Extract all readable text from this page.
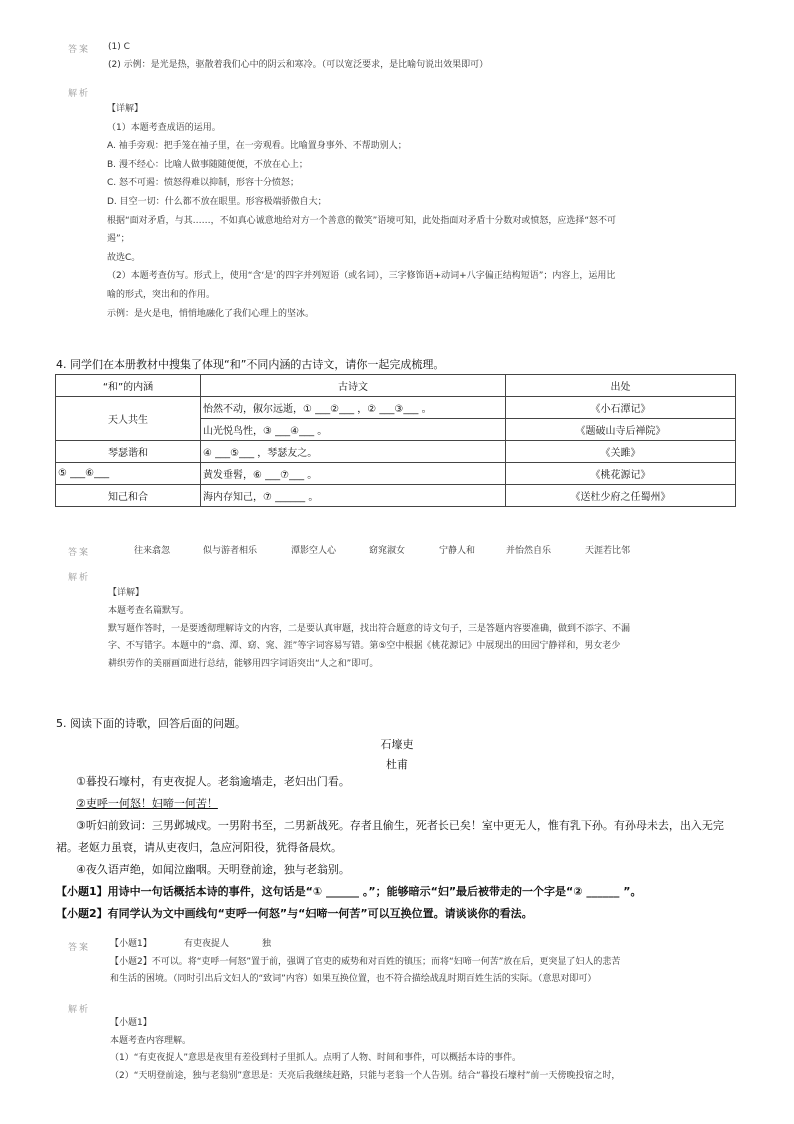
答案 (1) C
(2) 示例：是光是热，驱散着我们心中的阴云和寒冷。（可以宽泛要求，是比喻句说出效果即可）
解析
【详解】
（1）本题考查成语的运用。
A. 袖手旁观：把手笼在袖子里，在一旁观看。比喻置身事外、不帮助别人；
B. 漫不经心：比喻人做事随随便便，不放在心上；
C. 怒不可遏：愤怒得难以抑制，形容十分愤怒；
D. 目空一切：什么都不放在眼里。形容极端骄傲自大；
根据“面对矛盾，与其……，不如真心诚意地给对方一个善意的微笑”语境可知，此处指面对矛盾十分数对或愤怒，应选择“怒不可
遏”；
故选C。
（2）本题考查仿写。形式上，使用“含‘是’的四字并列短语（或名词），三字修饰语+动词+八字偏正结构短语”；内容上，运用比
喻的形式，突出和的作用。
示例：是火是电，悄悄地融化了我们心理上的坚冰。
4. 同学们在本册教材中搜集了体现“和”不同内涵的古诗文，请你一起完成梳理。
“和”的内涵	古诗文	出处
天人共生	怡然不动，俶尔远逝，① ___②___ ，② ___③___ 。	《小石潭记》
	山光悦鸟性，③ ___④___ 。	《题破山寺后禅院》
琴瑟谐和	④ ___⑤___ ，琴瑟友之。	《关雎》
⑤ ___⑥___	黄发垂髫，⑥ ___⑦___ 。	《桃花源记》
知己和合	海内存知己，⑦ ______ 。	《送杜少府之任蜀州》
答案	往来翕忽	似与游者相乐	潭影空人心	窈窕淑女	宁静人和	并怡然自乐	天涯若比邻
解析
【详解】
本题考查名篇默写。
默写题作答时，一是要透彻理解诗文的内容，二是要认真审题，找出符合题意的诗文句子，三是答题内容要准确，做到不添字、不漏
字、不写错字。本题中的“翕、潭、窈、窕、涯”等字词容易写错。第⑤空中根据《桃花源记》中展现出的田园宁静祥和，男女老少
耕织劳作的美丽画面进行总结，能够用四字词语突出“人之和”即可。
5. 阅读下面的诗歌，回答后面的问题。
石壕吏
杜甫
①暮投石壕村，有吏夜捉人。老翁逾墙走，老妇出门看。
②吏呼一何怒！妇啼一何苦！
③听妇前致词：三男邺城戍。一男附书至，二男新战死。存者且偷生，死者长已矣！室中更无人，惟有乳下孙。有孙母未去，出入无完
裙。老妪力虽衰，请从吏夜归，急应河阳役，犹得备晨炊。
④夜久语声绝，如闻泣幽咽。天明登前途，独与老翁别。
【小题1】用诗中一句话概括本诗的事件，这句话是“① ______ 。”；能够暗示“妇”最后被带走的一个字是“② ______ ”。
【小题2】有同学认为文中画线句“吏呼一何怒”与“妇啼一何苦”可以互换位置。请谈谈你的看法。
答案 【小题1】	有吏夜捉人	独
【小题2】不可以。将“吏呼一何怒”置于前，强调了官吏的威势和对百姓的镇压；而将“妇啼一何苦”放在后，更突显了妇人的悲苦
和生活的困境。（同时引出后文妇人的“致词”内容）如果互换位置，也不符合描绘战乱时期百姓生活的实际。（意思对即可）
解析
【小题1】
本题考查内容理解。
（1）“有吏夜捉人”意思是夜里有差役到村子里抓人。点明了人物、时间和事件，可以概括本诗的事件。
（2）“天明登前途，独与老翁别”意思是：天亮后我继续赶路，只能与老翁一个人告别。结合“暮投石壕村”前一天傍晚投宿之时，
